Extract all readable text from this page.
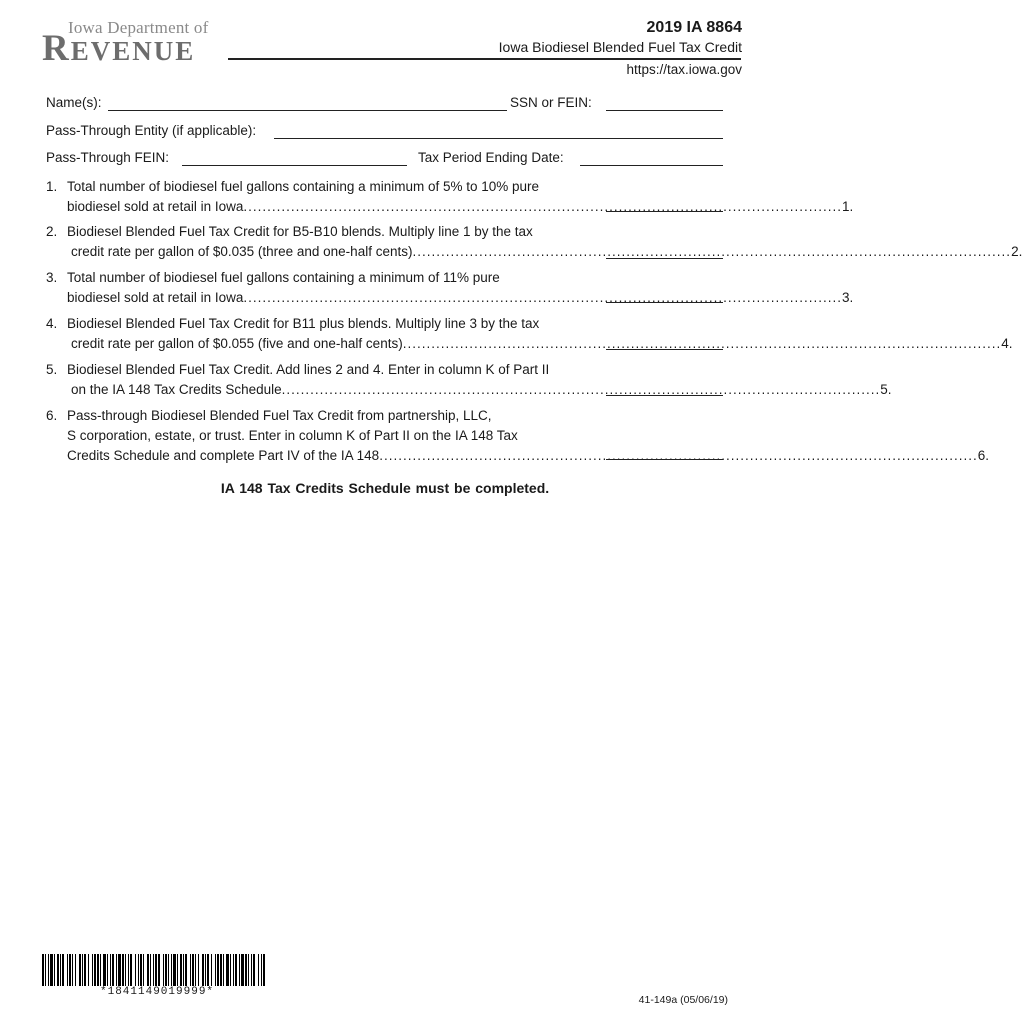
Iowa Department of
REVENUE
2019 IA 8864
Iowa Biodiesel Blended Fuel Tax Credit
https://tax.iowa.gov
Name(s):	SSN or FEIN:
Pass-Through Entity (if applicable):
Pass-Through FEIN:	Tax Period Ending Date:
1. Total number of biodiesel fuel gallons containing a minimum of 5% to 10% pure
biodiesel sold at retail in Iowa .............................................................................................................................. 1.
2. Biodiesel Blended Fuel Tax Credit for B5-B10 blends. Multiply line 1 by the tax
credit rate per gallon of $0.035 (three and one-half cents) .............................................................................................................................. 2.
3. Total number of biodiesel fuel gallons containing a minimum of 11% pure
biodiesel sold at retail in Iowa .............................................................................................................................. 3.
4. Biodiesel Blended Fuel Tax Credit for B11 plus blends. Multiply line 3 by the tax
credit rate per gallon of $0.055 (five and one-half cents) .............................................................................................................................. 4.
5. Biodiesel Blended Fuel Tax Credit. Add lines 2 and 4. Enter in column K of Part II
on the IA 148 Tax Credits Schedule .............................................................................................................................. 5.
6. Pass-through Biodiesel Blended Fuel Tax Credit from partnership, LLC,
S corporation, estate, or trust. Enter in column K of Part II on the IA 148 Tax
Credits Schedule and complete Part IV of the IA 148 .............................................................................................................................. 6.
IA 148 Tax Credits Schedule must be completed.
*1841149019999*
41-149a (05/06/19)
